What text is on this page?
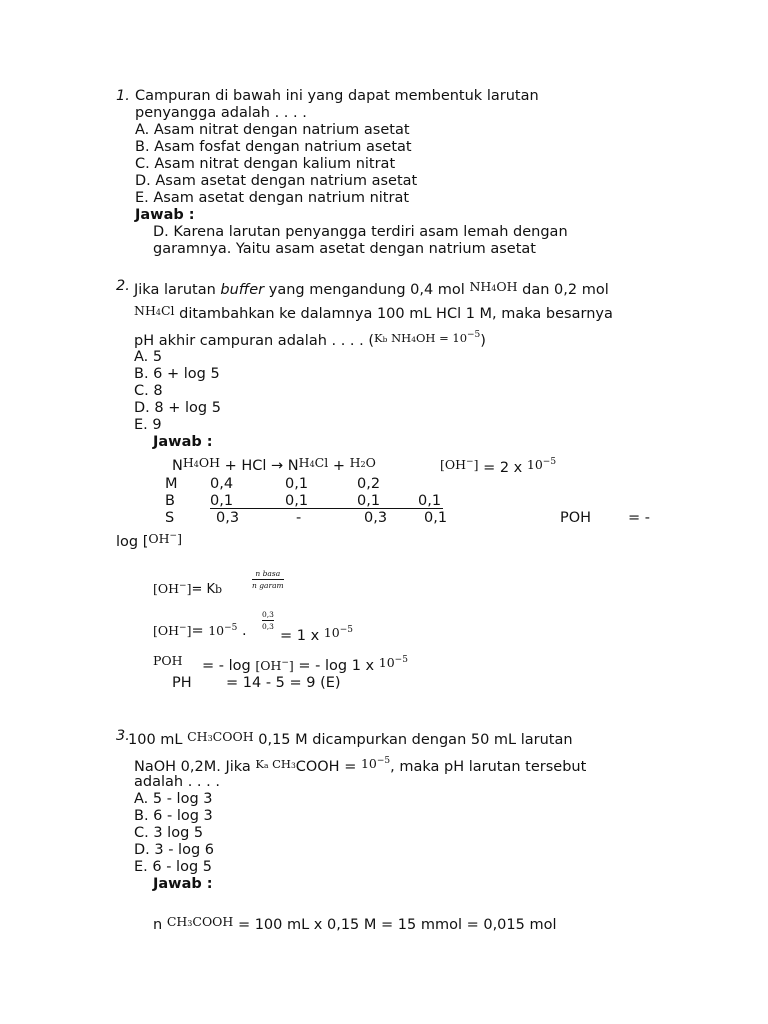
1. Campuran di bawah ini yang dapat membentuk larutan
penyangga adalah . . . .
A. Asam nitrat dengan natrium asetat
B. Asam fosfat dengan natrium asetat
C. Asam nitrat dengan kalium nitrat
D. Asam asetat dengan natrium asetat
E. Asam asetat dengan natrium nitrat
Jawab :
D. Karena larutan penyangga terdiri asam lemah dengan
garamnya. Yaitu asam asetat dengan natrium asetat
2. Jika larutan buffer yang mengandung 0,4 mol NH4OH dan 0,2 mol
NH4Cl ditambahkan ke dalamnya 100 mL HCl 1 M, maka besarnya
pH akhir campuran adalah . . . . ($^{Kb NH4OH = 10^{-5}}$)
A. 5
B. 6 + log 5
C. 8
D. 8 + log 5
E. 9
Jawab :
NH4OH + HCl → NH4Cl + H2O	[OH−] = 2 x $10^{-5}$
M 0,4	0,1	0,2
B 0,1	0,1	0,1	0,1
S	0,3	-	0,3	0,1	POH	= -
log [OH−]
[OH−]= Kb
n basa
n garam
$[OH^-]= 10^{-5}$ .
0,3
0,3
= 1 x $10^{-5}$
POH = - log [OH−] = - log 1 x $10^{-5}$
PH = 14 - 5 = 9 (E)
3.
100 mL CH3COOH 0,15 M dicampurkan dengan 50 mL larutan
NaOH 0,2M. Jika $^{Ka CH3}$COOH = $10^{-5}$, maka pH larutan tersebut
adalah . . . .
A. 5 - log 3
B. 6 - log 3
C. 3 log 5
D. 3 - log 6
E. 6 - log 5
Jawab :
n CH3COOH = 100 mL x 0,15 M = 15 mmol = 0,015 mol
